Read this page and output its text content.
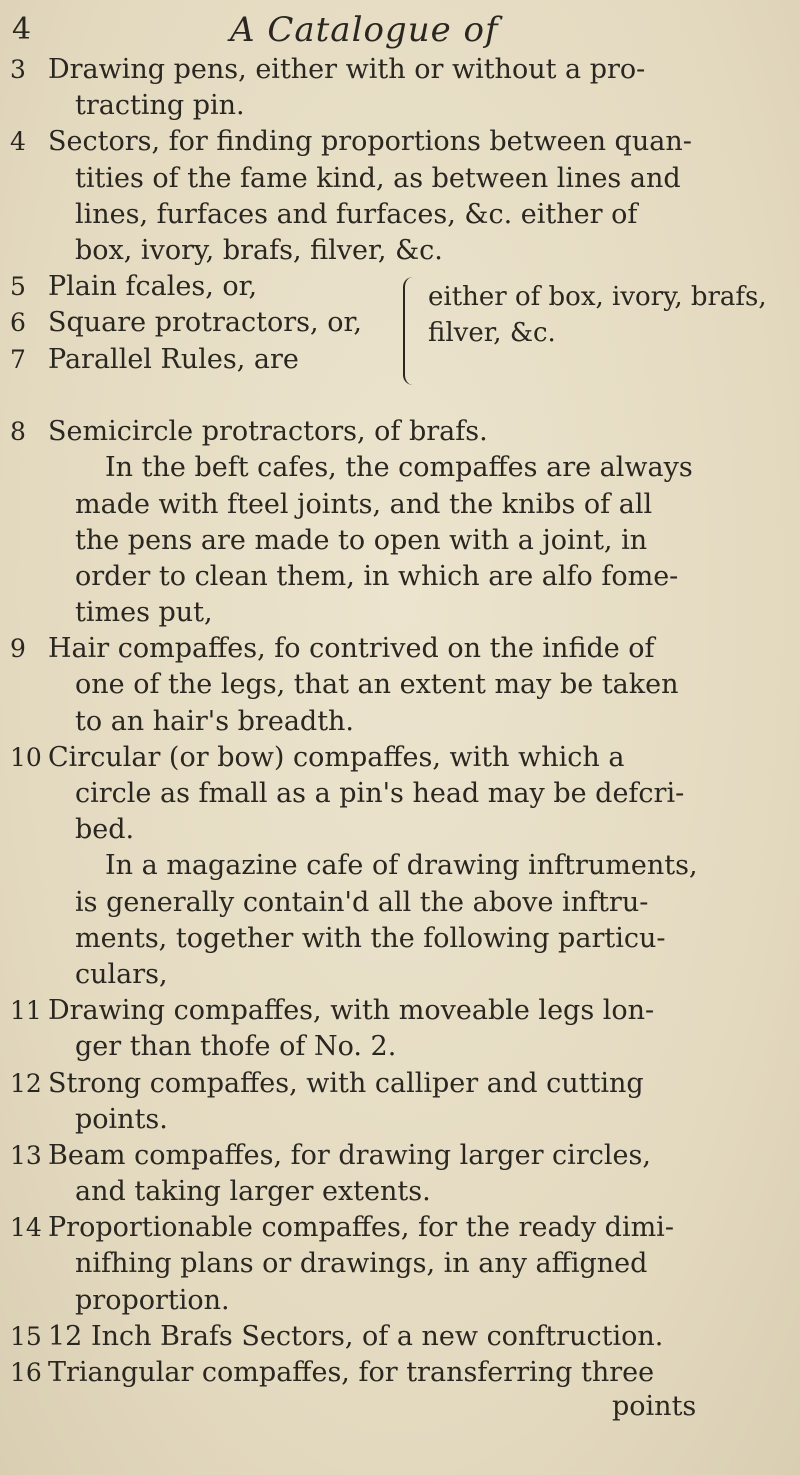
4	A Catalogue of
3 Drawing pens, either with or without a pro-
tracting pin.
4 Sectors, for finding proportions between quan-
tities of the fame kind, as between lines and
lines, furfaces and furfaces, &c. either of
box, ivory, brafs, filver, &c.
5 Plain fcales, or,
6 Square protractors, or,
7 Parallel Rules, are
either of box, ivory, brafs, filver, &c.
8 Semicircle protractors, of brafs.
In the beft cafes, the compaffes are always
made with fteel joints, and the knibs of all
the pens are made to open with a joint, in
order to clean them, in which are alfo fome-
times put,
9 Hair compaffes, fo contrived on the infide of
one of the legs, that an extent may be taken
to an hair's breadth.
10 Circular (or bow) compaffes, with which a
circle as fmall as a pin's head may be defcri-
bed.
In a magazine cafe of drawing inftruments,
is generally contain'd all the above inftru-
ments, together with the following particu-
culars,
11 Drawing compaffes, with moveable legs lon-
ger than thofe of No. 2.
12 Strong compaffes, with calliper and cutting
points.
13 Beam compaffes, for drawing larger circles,
and taking larger extents.
14 Proportionable compaffes, for the ready dimi-
nifhing plans or drawings, in any affigned
proportion.
15 12 Inch Brafs Sectors, of a new conftruction.
16 Triangular compaffes, for transferring three
points
